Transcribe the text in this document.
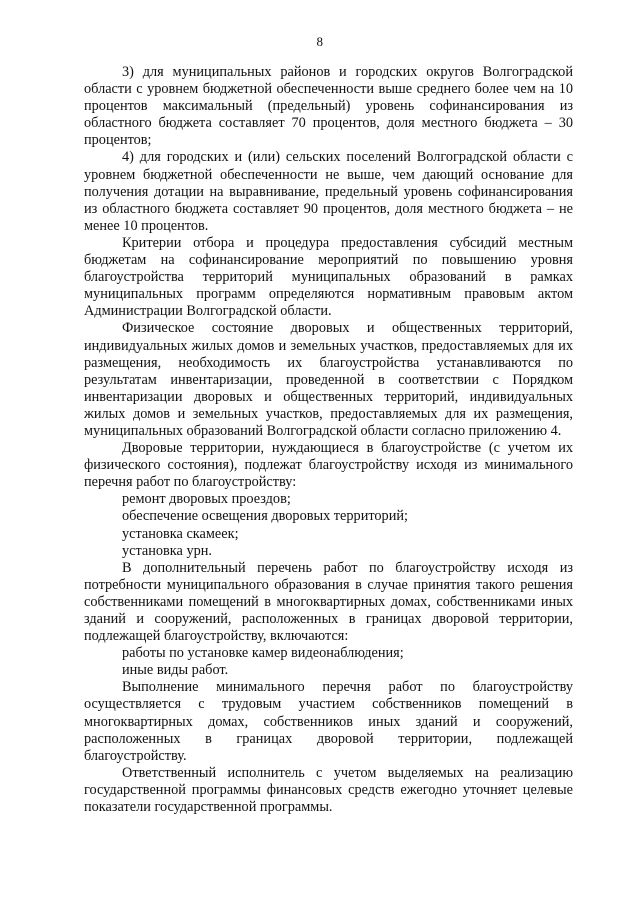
8

3) для муниципальных районов и городских округов Волгоградской области с уровнем бюджетной обеспеченности выше среднего более чем на 10 процентов максимальный (предельный) уровень софинансирования из областного бюджета составляет 70 процентов, доля местного бюджета – 30 процентов;

4) для городских и (или) сельских поселений Волгоградской области с уровнем бюджетной обеспеченности не выше, чем дающий основание для получения дотации на выравнивание, предельный уровень софинансирования из областного бюджета составляет 90 процентов, доля местного бюджета – не менее 10 процентов.

Критерии отбора и процедура предоставления субсидий местным бюджетам на софинансирование мероприятий по повышению уровня благоустройства территорий муниципальных образований в рамках муниципальных программ определяются нормативным правовым актом Администрации Волгоградской области.

Физическое состояние дворовых и общественных территорий, индивидуальных жилых домов и земельных участков, предоставляемых для их размещения, необходимость их благоустройства устанавливаются по результатам инвентаризации, проведенной в соответствии с Порядком инвентаризации дворовых и общественных территорий, индивидуальных жилых домов и земельных участков, предоставляемых для их размещения, муниципальных образований Волгоградской области согласно приложению 4.

Дворовые территории, нуждающиеся в благоустройстве (с учетом их физического состояния), подлежат благоустройству исходя из минимального перечня работ по благоустройству:

ремонт дворовых проездов;

обеспечение освещения дворовых территорий;

установка скамеек;

установка урн.

В дополнительный перечень работ по благоустройству исходя из потребности муниципального образования в случае принятия такого решения собственниками помещений в многоквартирных домах, собственниками иных зданий и сооружений, расположенных в границах дворовой территории, подлежащей благоустройству, включаются:

работы по установке камер видеонаблюдения;

иные виды работ.

Выполнение минимального перечня работ по благоустройству осуществляется с трудовым участием собственников помещений в многоквартирных домах, собственников иных зданий и сооружений, расположенных в границах дворовой территории, подлежащей благоустройству.

Ответственный исполнитель с учетом выделяемых на реализацию государственной программы финансовых средств ежегодно уточняет целевые показатели государственной программы.
